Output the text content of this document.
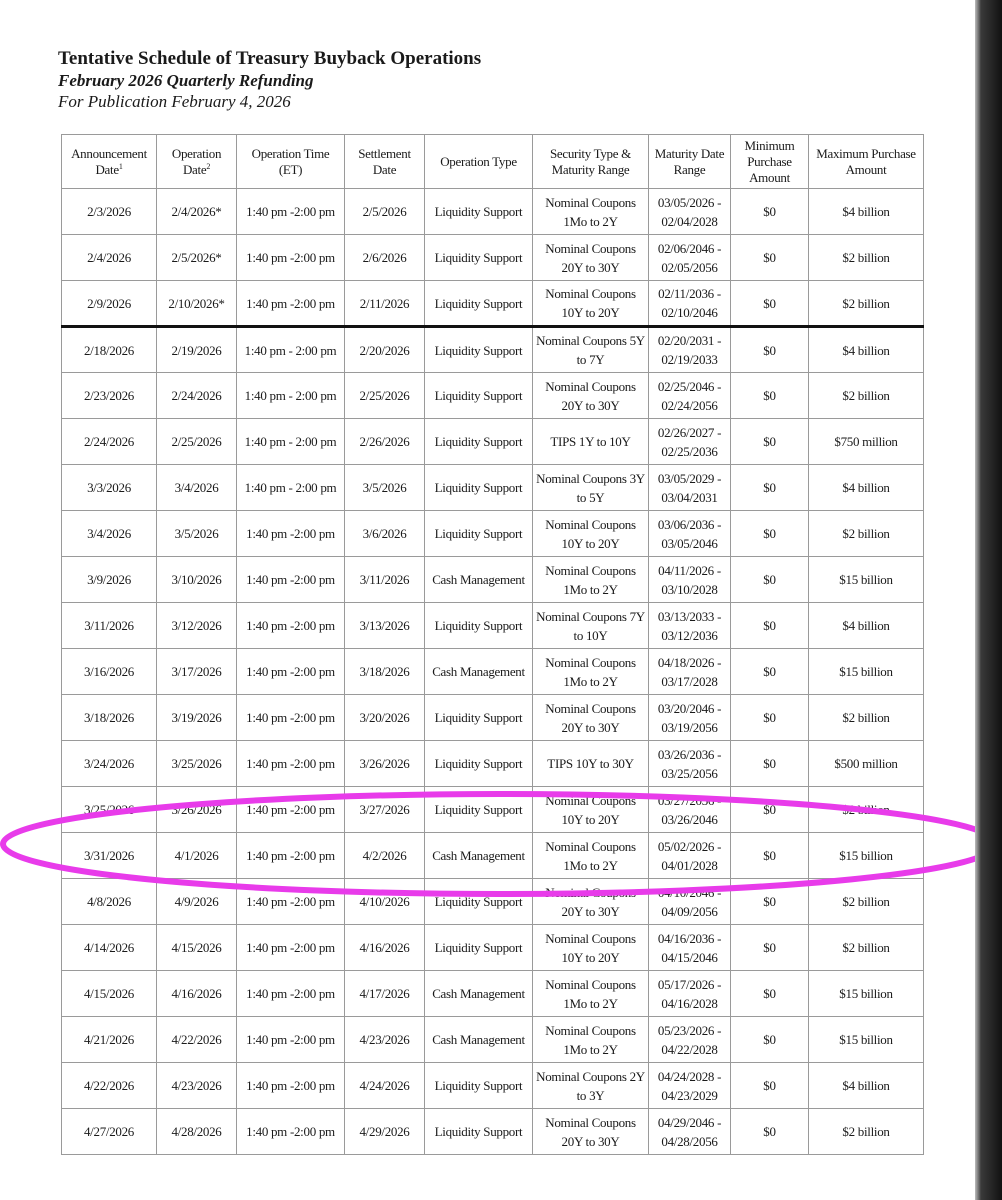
Tentative Schedule of Treasury Buyback Operations
February 2026 Quarterly Refunding
For Publication February 4, 2026
Announcement Date$^1$	Operation Date$^2$	Operation Time (ET)	Settlement Date	Operation Type	Security Type & Maturity Range	Maturity Date Range	Minimum Purchase Amount	Maximum Purchase Amount
2/3/2026	2/4/2026*	1:40 pm -2:00 pm	2/5/2026	Liquidity Support	Nominal Coupons 1Mo to 2Y	03/05/2026 - 02/04/2028	$0	$4 billion
2/4/2026	2/5/2026*	1:40 pm -2:00 pm	2/6/2026	Liquidity Support	Nominal Coupons 20Y to 30Y	02/06/2046 - 02/05/2056	$0	$2 billion
2/9/2026	2/10/2026*	1:40 pm -2:00 pm	2/11/2026	Liquidity Support	Nominal Coupons 10Y to 20Y	02/11/2036 - 02/10/2046	$0	$2 billion
2/18/2026	2/19/2026	1:40 pm - 2:00 pm	2/20/2026	Liquidity Support	Nominal Coupons 5Y to 7Y	02/20/2031 - 02/19/2033	$0	$4 billion
2/23/2026	2/24/2026	1:40 pm - 2:00 pm	2/25/2026	Liquidity Support	Nominal Coupons 20Y to 30Y	02/25/2046 - 02/24/2056	$0	$2 billion
2/24/2026	2/25/2026	1:40 pm - 2:00 pm	2/26/2026	Liquidity Support	TIPS 1Y to 10Y	02/26/2027 - 02/25/2036	$0	$750 million
3/3/2026	3/4/2026	1:40 pm - 2:00 pm	3/5/2026	Liquidity Support	Nominal Coupons 3Y to 5Y	03/05/2029 - 03/04/2031	$0	$4 billion
3/4/2026	3/5/2026	1:40 pm -2:00 pm	3/6/2026	Liquidity Support	Nominal Coupons 10Y to 20Y	03/06/2036 - 03/05/2046	$0	$2 billion
3/9/2026	3/10/2026	1:40 pm -2:00 pm	3/11/2026	Cash Management	Nominal Coupons 1Mo to 2Y	04/11/2026 - 03/10/2028	$0	$15 billion
3/11/2026	3/12/2026	1:40 pm -2:00 pm	3/13/2026	Liquidity Support	Nominal Coupons 7Y to 10Y	03/13/2033 - 03/12/2036	$0	$4 billion
3/16/2026	3/17/2026	1:40 pm -2:00 pm	3/18/2026	Cash Management	Nominal Coupons 1Mo to 2Y	04/18/2026 - 03/17/2028	$0	$15 billion
3/18/2026	3/19/2026	1:40 pm -2:00 pm	3/20/2026	Liquidity Support	Nominal Coupons 20Y to 30Y	03/20/2046 - 03/19/2056	$0	$2 billion
3/24/2026	3/25/2026	1:40 pm -2:00 pm	3/26/2026	Liquidity Support	TIPS 10Y to 30Y	03/26/2036 - 03/25/2056	$0	$500 million
3/25/2026	3/26/2026	1:40 pm -2:00 pm	3/27/2026	Liquidity Support	Nominal Coupons 10Y to 20Y	03/27/2036 - 03/26/2046	$0	$2 billion
3/31/2026	4/1/2026	1:40 pm -2:00 pm	4/2/2026	Cash Management	Nominal Coupons 1Mo to 2Y	05/02/2026 - 04/01/2028	$0	$15 billion
4/8/2026	4/9/2026	1:40 pm -2:00 pm	4/10/2026	Liquidity Support	Nominal Coupons 20Y to 30Y	04/10/2046 - 04/09/2056	$0	$2 billion
4/14/2026	4/15/2026	1:40 pm -2:00 pm	4/16/2026	Liquidity Support	Nominal Coupons 10Y to 20Y	04/16/2036 - 04/15/2046	$0	$2 billion
4/15/2026	4/16/2026	1:40 pm -2:00 pm	4/17/2026	Cash Management	Nominal Coupons 1Mo to 2Y	05/17/2026 - 04/16/2028	$0	$15 billion
4/21/2026	4/22/2026	1:40 pm -2:00 pm	4/23/2026	Cash Management	Nominal Coupons 1Mo to 2Y	05/23/2026 - 04/22/2028	$0	$15 billion
4/22/2026	4/23/2026	1:40 pm -2:00 pm	4/24/2026	Liquidity Support	Nominal Coupons 2Y to 3Y	04/24/2028 - 04/23/2029	$0	$4 billion
4/27/2026	4/28/2026	1:40 pm -2:00 pm	4/29/2026	Liquidity Support	Nominal Coupons 20Y to 30Y	04/29/2046 - 04/28/2056	$0	$2 billion
